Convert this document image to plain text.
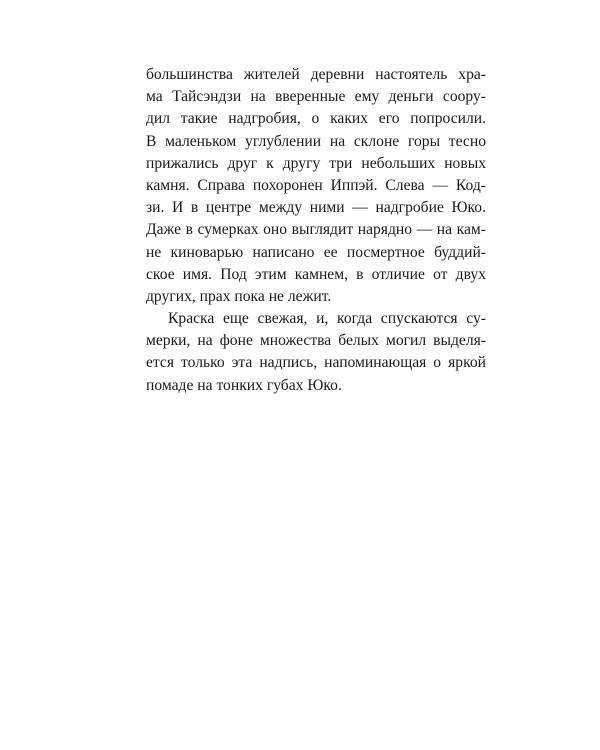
большинства жителей деревни настоятель хра-
ма Тайсэндзи на вверенные ему деньги соору-
дил такие надгробия, о каких его попросили.
В маленьком углублении на склоне горы тесно
прижались друг к другу три небольших новых
камня. Справа похоронен Иппэй. Слева — Код-
зи. И в центре между ними — надгробие Юко.
Даже в сумерках оно выглядит нарядно — на кам-
не киноварью написано ее посмертное буддий-
ское имя. Под этим камнем, в отличие от двух
других, прах пока не лежит.
Краска еще свежая, и, когда спускаются су-
мерки, на фоне множества белых могил выделя-
ется только эта надпись, напоминающая о яркой
помаде на тонких губах Юко.
